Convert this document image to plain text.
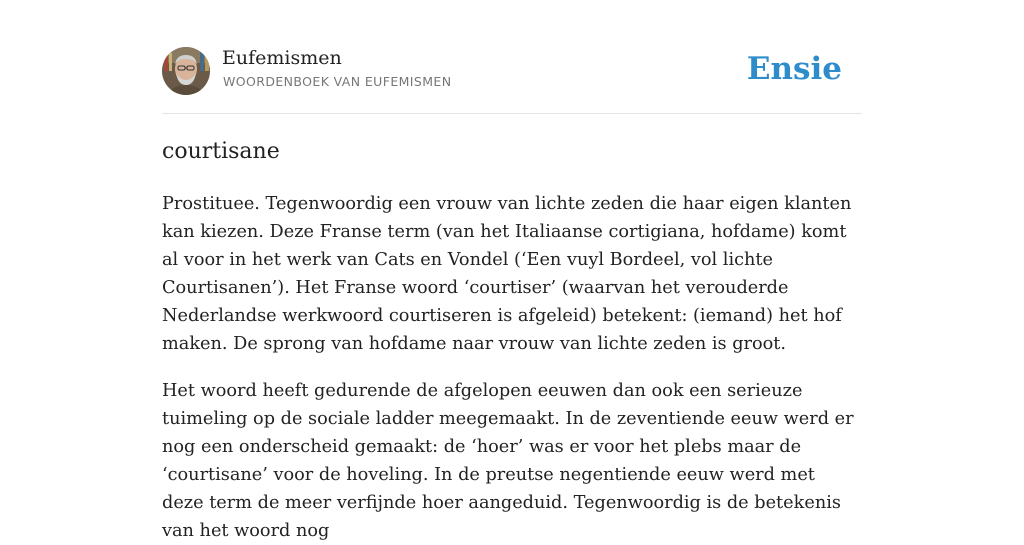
Eufemismen
WOORDENBOEK VAN EUFEMISMEN	Ensie
courtisane

Prostituee. Tegenwoordig een vrouw van lichte zeden die haar eigen klanten kan kiezen. Deze Franse term (van het Italiaanse cortigiana, hofdame) komt al voor in het werk van Cats en Vondel (‘Een vuyl Bordeel, vol lichte Courtisanen’). Het Franse woord ‘courtiser’ (waarvan het verouderde Nederlandse werkwoord courtiseren is afgeleid) betekent: (iemand) het hof maken. De sprong van hofdame naar vrouw van lichte zeden is groot.

Het woord heeft gedurende de afgelopen eeuwen dan ook een serieuze tuimeling op de sociale ladder meegemaakt. In de zeventiende eeuw werd er nog een onderscheid gemaakt: de ‘hoer’ was er voor het plebs maar de ‘courtisane’ voor de hoveling. In de preutse negentiende eeuw werd met deze term de meer verfijnde hoer aangeduid. Tegenwoordig is de betekenis van het woord nog
